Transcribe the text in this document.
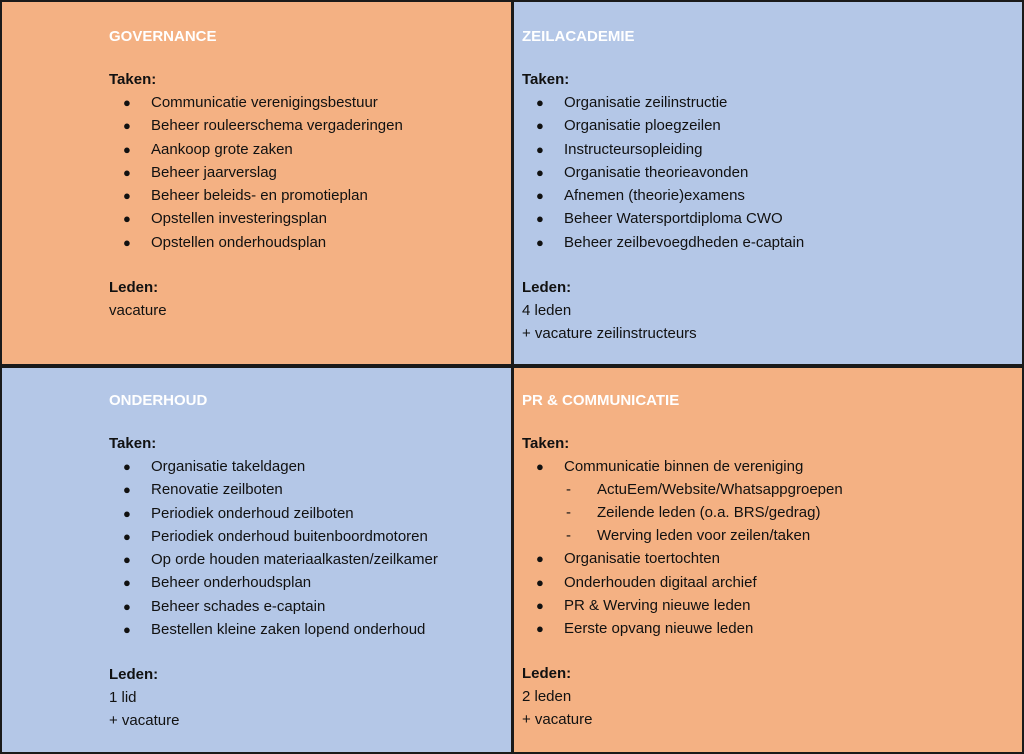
GOVERNANCE
Taken:
● Communicatie verenigingsbestuur
● Beheer rouleerschema vergaderingen
● Aankoop grote zaken
● Beheer jaarverslag
● Beheer beleids- en promotieplan
● Opstellen investeringsplan
● Opstellen onderhoudsplan
Leden:
vacature
ZEILACADEMIE
Taken:
● Organisatie zeilinstructie
● Organisatie ploegzeilen
● Instructeursopleiding
● Organisatie theorieavonden
● Afnemen (theorie)examens
● Beheer Watersportdiploma CWO
● Beheer zeilbevoegdheden e-captain
Leden:
4 leden
+ vacature zeilinstructeurs
ONDERHOUD
Taken:
● Organisatie takeldagen
● Renovatie zeilboten
● Periodiek onderhoud zeilboten
● Periodiek onderhoud buitenboordmotoren
● Op orde houden materiaalkasten/zeilkamer
● Beheer onderhoudsplan
● Beheer schades e-captain
● Bestellen kleine zaken lopend onderhoud
Leden:
1 lid
+ vacature
PR & COMMUNICATIE
Taken:
● Communicatie binnen de vereniging
- ActuEem/Website/Whatsappgroepen
- Zeilende leden (o.a. BRS/gedrag)
- Werving leden voor zeilen/taken
● Organisatie toertochten
● Onderhouden digitaal archief
● PR & Werving nieuwe leden
● Eerste opvang nieuwe leden
Leden:
2 leden
+ vacature
